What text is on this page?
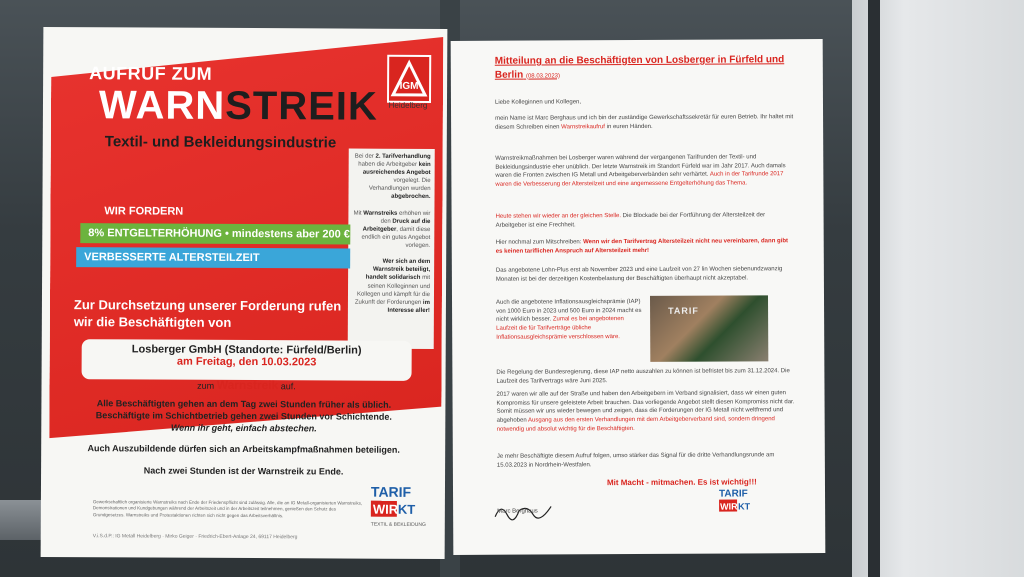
AUFRUF ZUM
WARNSTREIK
Textil- und Bekleidungsindustrie
IGM
Heidelberg
Bei der 2. Tarifverhandlung haben die Arbeitgeber kein ausreichendes Angebot vorgelegt. Die Verhandlungen wurden abgebrochen.

Mit Warnstreiks erhöhen wir den Druck auf die Arbeitgeber, damit diese endlich ein gutes Angebot vorlegen.

Wer sich an dem Warnstreik beteiligt, handelt solidarisch mit seinen Kolleginnen und Kollegen und kämpft für die Zukunft der Forderungen im Interesse aller!
WIR FORDERN
8% ENTGELTERHÖHUNG • mindestens aber 200 €
VERBESSERTE ALTERSTEILZEIT
Zur Durchsetzung unserer Forderung rufen wir die Beschäftigten von
Losberger GmbH (Standorte: Fürfeld/Berlin)
am Freitag, den 10.03.2023
zum Warnstreik auf.
Alle Beschäftigten gehen an dem Tag zwei Stunden früher als üblich. Beschäftigte im Schichtbetrieb gehen zwei Stunden vor Schichtende.
Wenn ihr geht, einfach abstechen.
Auch Auszubildende dürfen sich an Arbeitskampfmaßnahmen beteiligen.
Nach zwei Stunden ist der Warnstreik zu Ende.
Gewerkschaftlich organisierte Warnstreiks nach Ende der Friedenspflicht sind zulässig. Alle, die an IG Metall-organisierten Warnstreiks, Demonstrationen und Kundgebungen während der Arbeitszeit und in der Arbeitszeit teilnehmen, genießen den Schutz des Grundgesetzes. Warnstreiks und Protestaktionen richten sich nicht gegen das Arbeitsverhältnis.
V.i.S.d.P.: IG Metall Heidelberg · Mirko Geiger · Friedrich-Ebert-Anlage 24, 69117 Heidelberg
TARIF
WIR KT
TEXTIL & BEKLEIDUNG
Mitteilung an die Beschäftigten von Losberger in Fürfeld und Berlin (08.03.2023)
Liebe Kolleginnen und Kollegen,
mein Name ist Marc Berghaus und ich bin der zuständige Gewerkschaftssekretär für euren Betrieb. Ihr haltet mit diesem Schreiben einen Warnstreikaufruf in euren Händen.
Warnstreikmaßnahmen bei Losberger waren während der vergangenen Tarifrunden der Textil- und Bekleidungsindustrie eher unüblich. Der letzte Warnstreik im Standort Fürfeld war im Jahr 2017. Auch damals waren die Fronten zwischen IG Metall und Arbeitgeberverbänden sehr verhärtet. Auch in der Tarifrunde 2017 waren die Verbesserung der Altersteilzeit und eine angemessene Entgelterhöhung das Thema.
Heute stehen wir wieder an der gleichen Stelle. Die Blockade bei der Fortführung der Altersteilzeit der Arbeitgeber ist eine Frechheit.
Hier nochmal zum Mitschreiben: Wenn wir den Tarifvertrag Altersteilzeit nicht neu vereinbaren, dann gibt es keinen tariflichen Anspruch auf Altersteilzeit mehr!
Das angebotene Lohn-Plus erst ab November 2023 und eine Laufzeit von 27 lin Wochen siebenundzwanzig Monaten ist bei der derzeitigen Kostenbelastung der Beschäftigten überhaupt nicht akzeptabel.
Auch die angebotene Inflationsausgleichsprämie (IAP) von 1000 Euro in 2023 und 500 Euro in 2024 macht es nicht wirklich besser. Zumal es bei angebotenen Laufzeit die für Tarifverträge übliche Inflationsausgleichsprämie verschlossen wäre.
TARIF
Die Regelung der Bundesregierung, diese IAP netto auszahlen zu können ist befristet bis zum 31.12.2024. Die Laufzeit des Tarifvertrags wäre Juni 2025.
2017 waren wir alle auf der Straße und haben den Arbeitgebern im Verband signalisiert, dass wir einen guten Kompromiss für unsere geleistete Arbeit brauchen. Das vorliegende Angebot stellt diesen Kompromiss nicht dar. Somit müssen wir uns wieder bewegen und zeigen, dass die Forderungen der IG Metall nicht weltfremd und abgehoben Ausgang aus den ersten Verhandlungen mit dem Arbeitgeberverband sind, sondern dringend notwendig und absolut wichtig für die Beschäftigten.
Je mehr Beschäftigte diesem Aufruf folgen, umso stärker das Signal für die dritte Verhandlungsrunde am 15.03.2023 in Nordrhein-Westfalen.
Mit Macht - mitmachen. Es ist wichtig!!!
Marc Berghaus
TARIF
WIR KT
